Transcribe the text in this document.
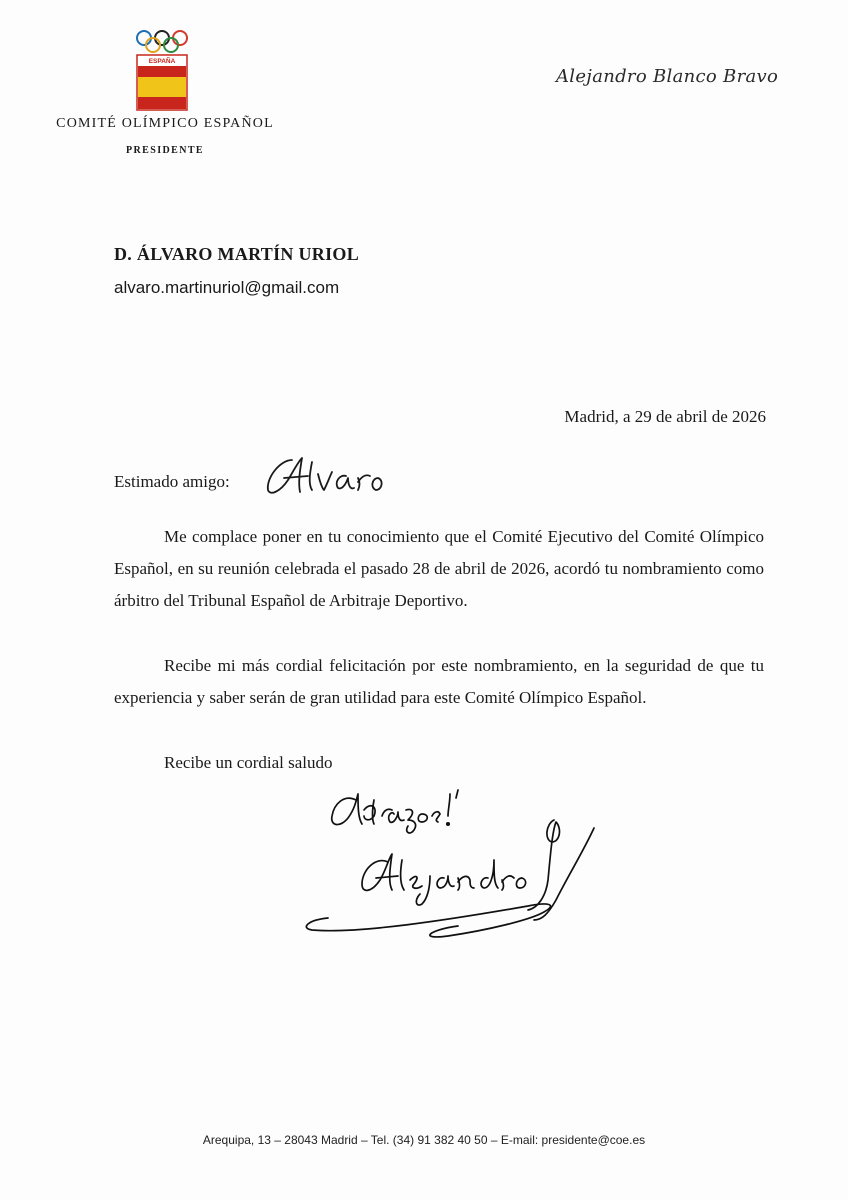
ESPAÑA
COMITÉ OLÍMPICO ESPAÑOL
PRESIDENTE
Alejandro Blanco Bravo
D. ÁLVARO MARTÍN URIOL
alvaro.martinuriol@gmail.com
Madrid, a 29 de abril de 2026
Estimado amigo:
Me complace poner en tu conocimiento que el Comité Ejecutivo del Comité Olímpico Español, en su reunión celebrada el pasado 28 de abril de 2026, acordó tu nombramiento como árbitro del Tribunal Español de Arbitraje Deportivo.
Recibe mi más cordial felicitación por este nombramiento, en la seguridad de que tu experiencia y saber serán de gran utilidad para este Comité Olímpico Español.
Recibe un cordial saludo
Arequipa, 13 – 28043 Madrid – Tel. (34) 91 382 40 50 – E-mail: presidente@coe.es
